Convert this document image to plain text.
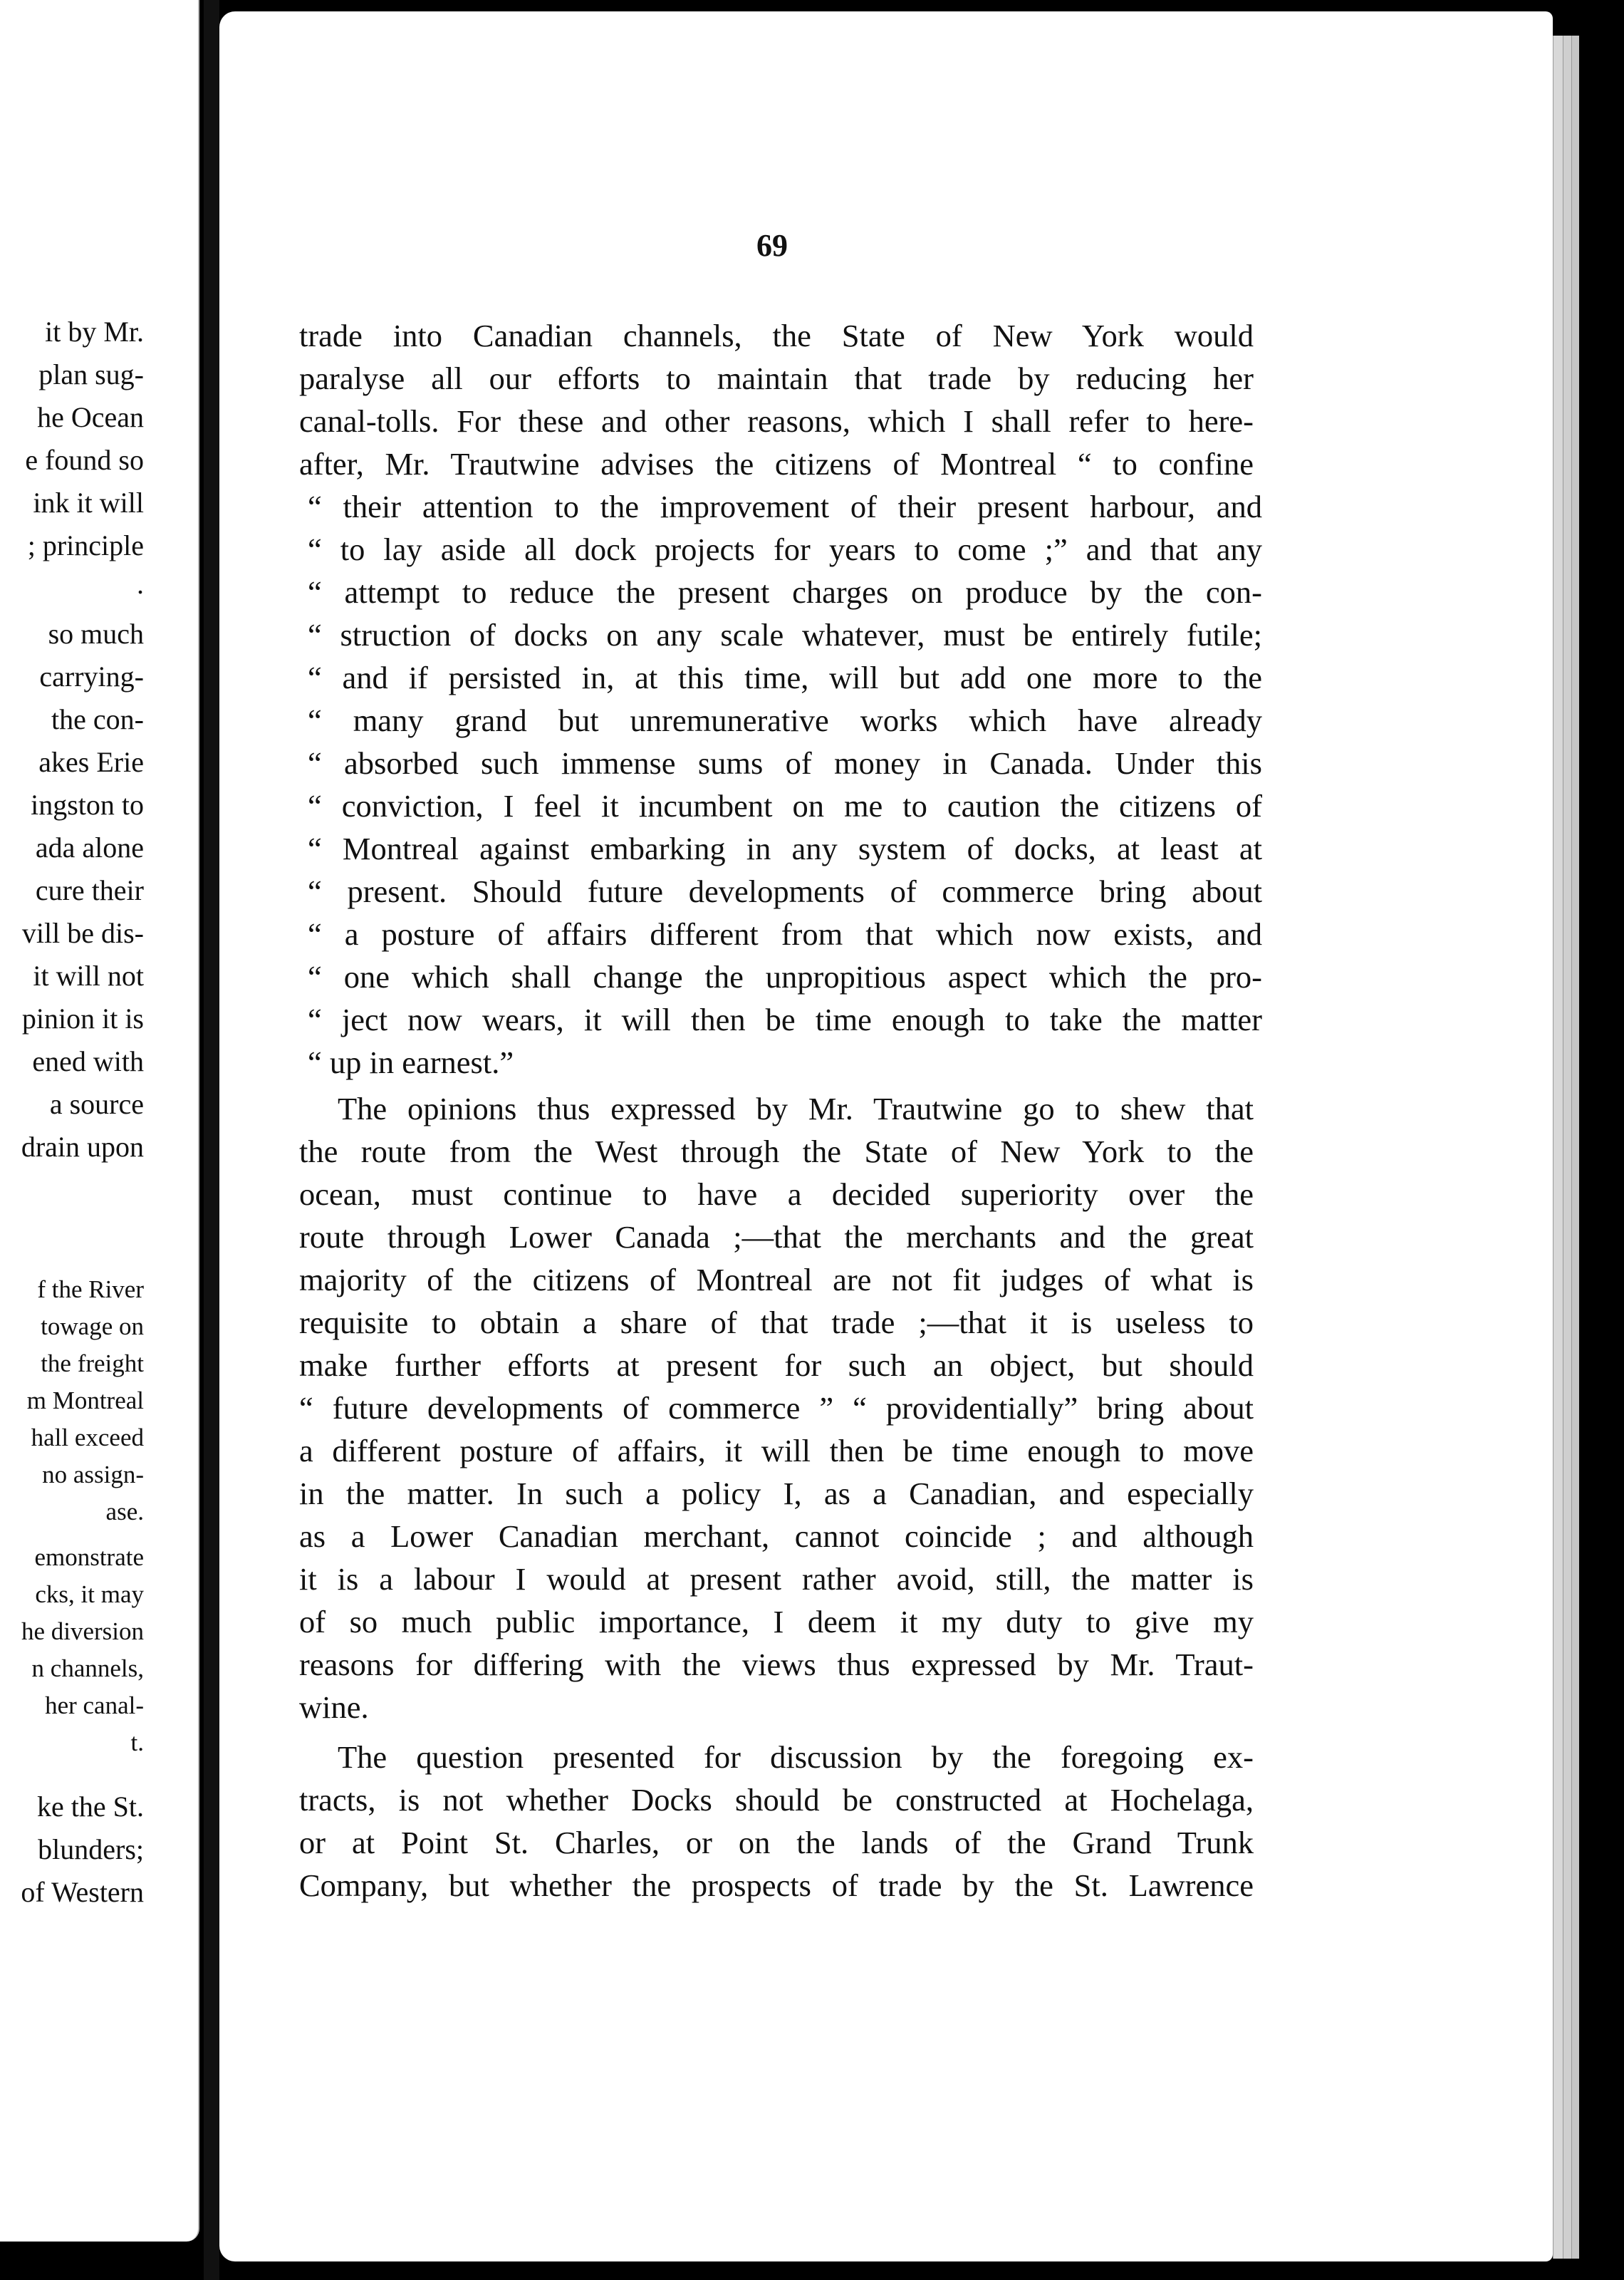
it by Mr.
plan sug-
he Ocean
e found so
ink it will
; principle
.
so much
carrying-
the con-
akes Erie
ingston to
ada alone
cure their
vill be dis-
it will not
pinion it is
ened with
a source
drain upon
f the River
towage on
the freight
m Montreal
hall exceed
no assign-
ase.
emonstrate
cks, it may
he diversion
n channels,
her canal-
t.
ke the St.
blunders;
of Western
69
trade into Canadian channels, the State of New York would
paralyse all our efforts to maintain that trade by reducing her
canal-tolls. For these and other reasons, which I shall refer to here-
after, Mr. Trautwine advises the citizens of Montreal “ to confine
“ their attention to the improvement of their present harbour, and
“ to lay aside all dock projects for years to come ;” and that any
“ attempt to reduce the present charges on produce by the con-
“ struction of docks on any scale whatever, must be entirely futile;
“ and if persisted in, at this time, will but add one more to the
“ many grand but unremunerative works which have already
“ absorbed such immense sums of money in Canada. Under this
“ conviction, I feel it incumbent on me to caution the citizens of
“ Montreal against embarking in any system of docks, at least at
“ present. Should future developments of commerce bring about
“ a posture of affairs different from that which now exists, and
“ one which shall change the unpropitious aspect which the pro-
“ ject now wears, it will then be time enough to take the matter
“ up in earnest.”
The opinions thus expressed by Mr. Trautwine go to shew that
the route from the West through the State of New York to the
ocean, must continue to have a decided superiority over the
route through Lower Canada ;—that the merchants and the great
majority of the citizens of Montreal are not fit judges of what is
requisite to obtain a share of that trade ;—that it is useless to
make further efforts at present for such an object, but should
“ future developments of commerce ” “ providentially” bring about
a different posture of affairs, it will then be time enough to move
in the matter. In such a policy I, as a Canadian, and especially
as a Lower Canadian merchant, cannot coincide ; and although
it is a labour I would at present rather avoid, still, the matter is
of so much public importance, I deem it my duty to give my
reasons for differing with the views thus expressed by Mr. Traut-
wine.
The question presented for discussion by the foregoing ex-
tracts, is not whether Docks should be constructed at Hochelaga,
or at Point St. Charles, or on the lands of the Grand Trunk
Company, but whether the prospects of trade by the St. Lawrence
